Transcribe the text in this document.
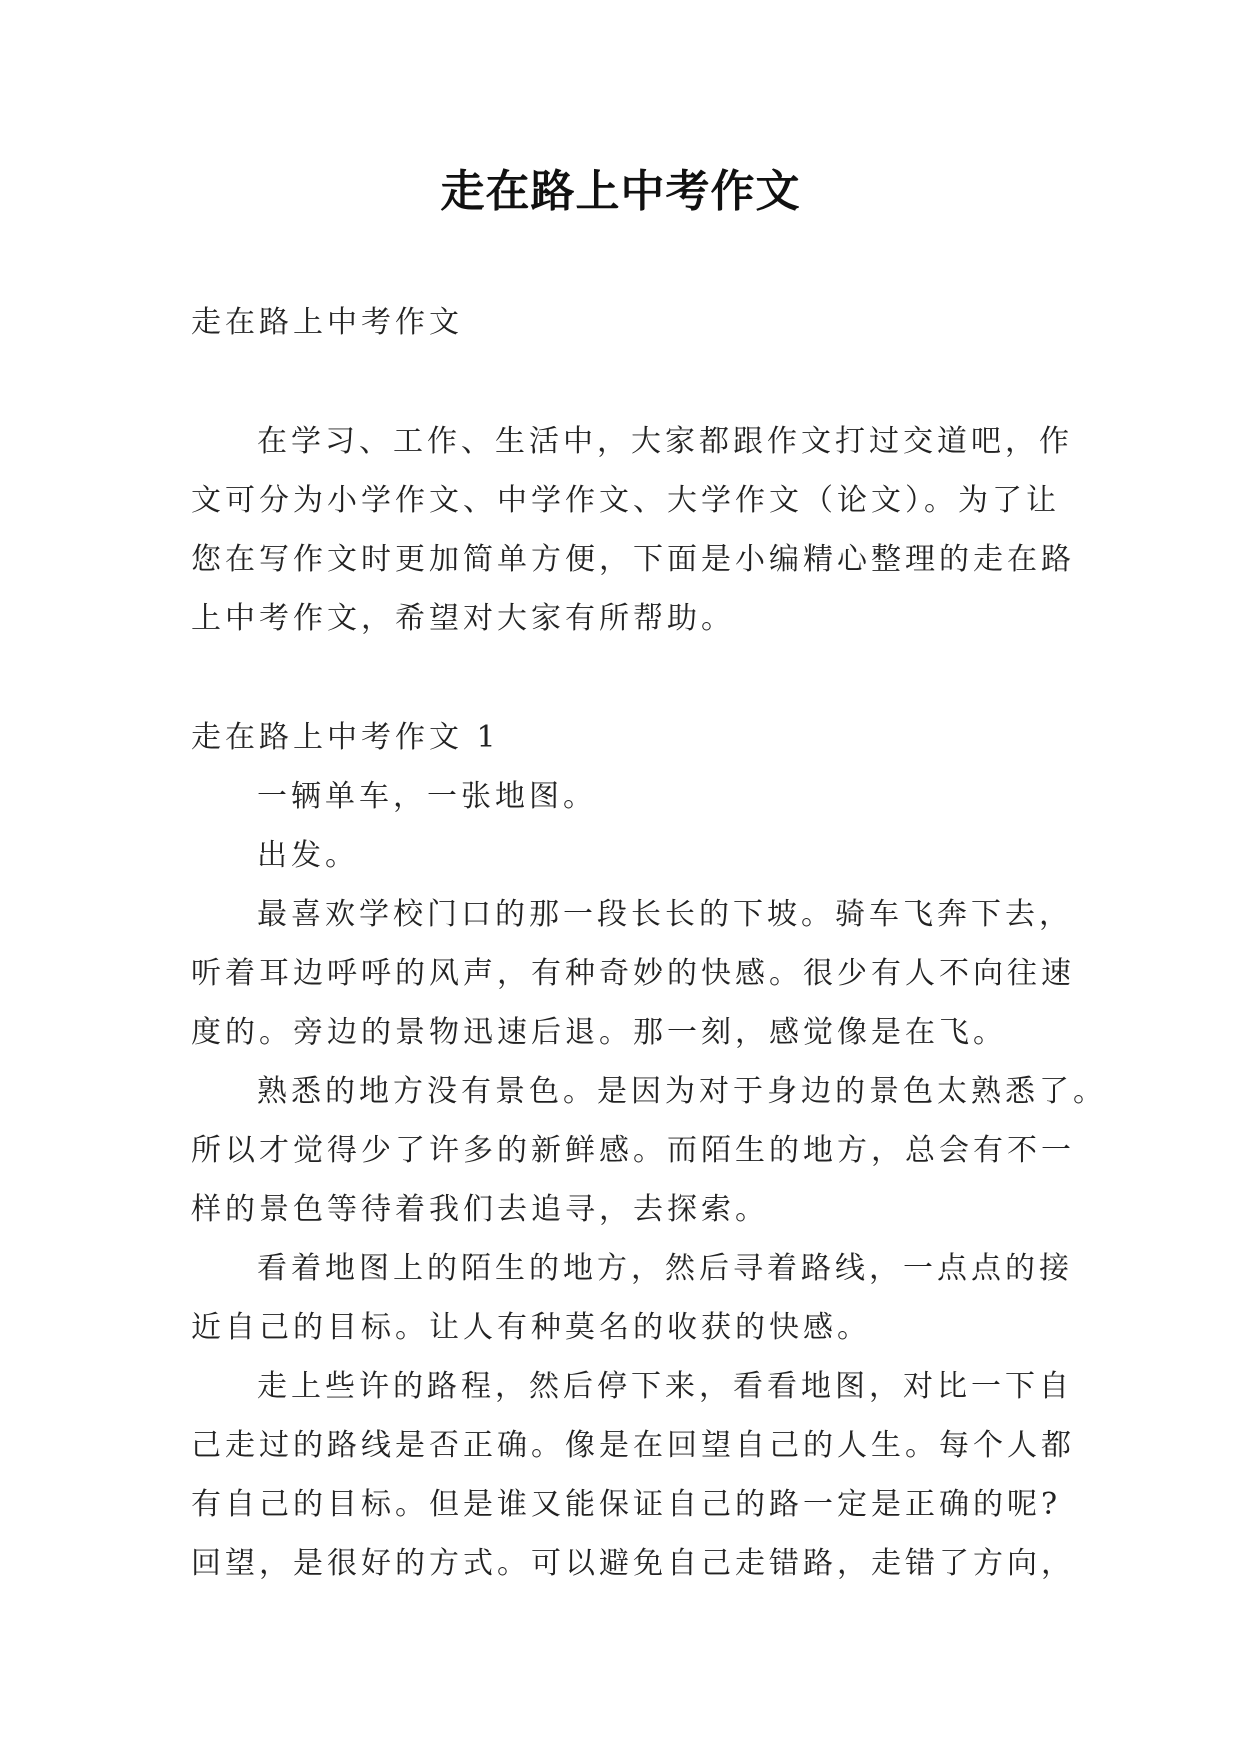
走在路上中考作文
走在路上中考作文
在学习、工作、生活中，大家都跟作文打过交道吧，作
文可分为小学作文、中学作文、大学作文（论文）。为了让
您在写作文时更加简单方便，下面是小编精心整理的走在路
上中考作文，希望对大家有所帮助。
走在路上中考作文 1
一辆单车，一张地图。
出发。
最喜欢学校门口的那一段长长的下坡。骑车飞奔下去，
听着耳边呼呼的风声，有种奇妙的快感。很少有人不向往速
度的。旁边的景物迅速后退。那一刻，感觉像是在飞。
熟悉的地方没有景色。是因为对于身边的景色太熟悉了。
所以才觉得少了许多的新鲜感。而陌生的地方，总会有不一
样的景色等待着我们去追寻，去探索。
看着地图上的陌生的地方，然后寻着路线，一点点的接
近自己的目标。让人有种莫名的收获的快感。
走上些许的路程，然后停下来，看看地图，对比一下自
己走过的路线是否正确。像是在回望自己的人生。每个人都
有自己的目标。但是谁又能保证自己的路一定是正确的呢?
回望，是很好的方式。可以避免自己走错路，走错了方向，
